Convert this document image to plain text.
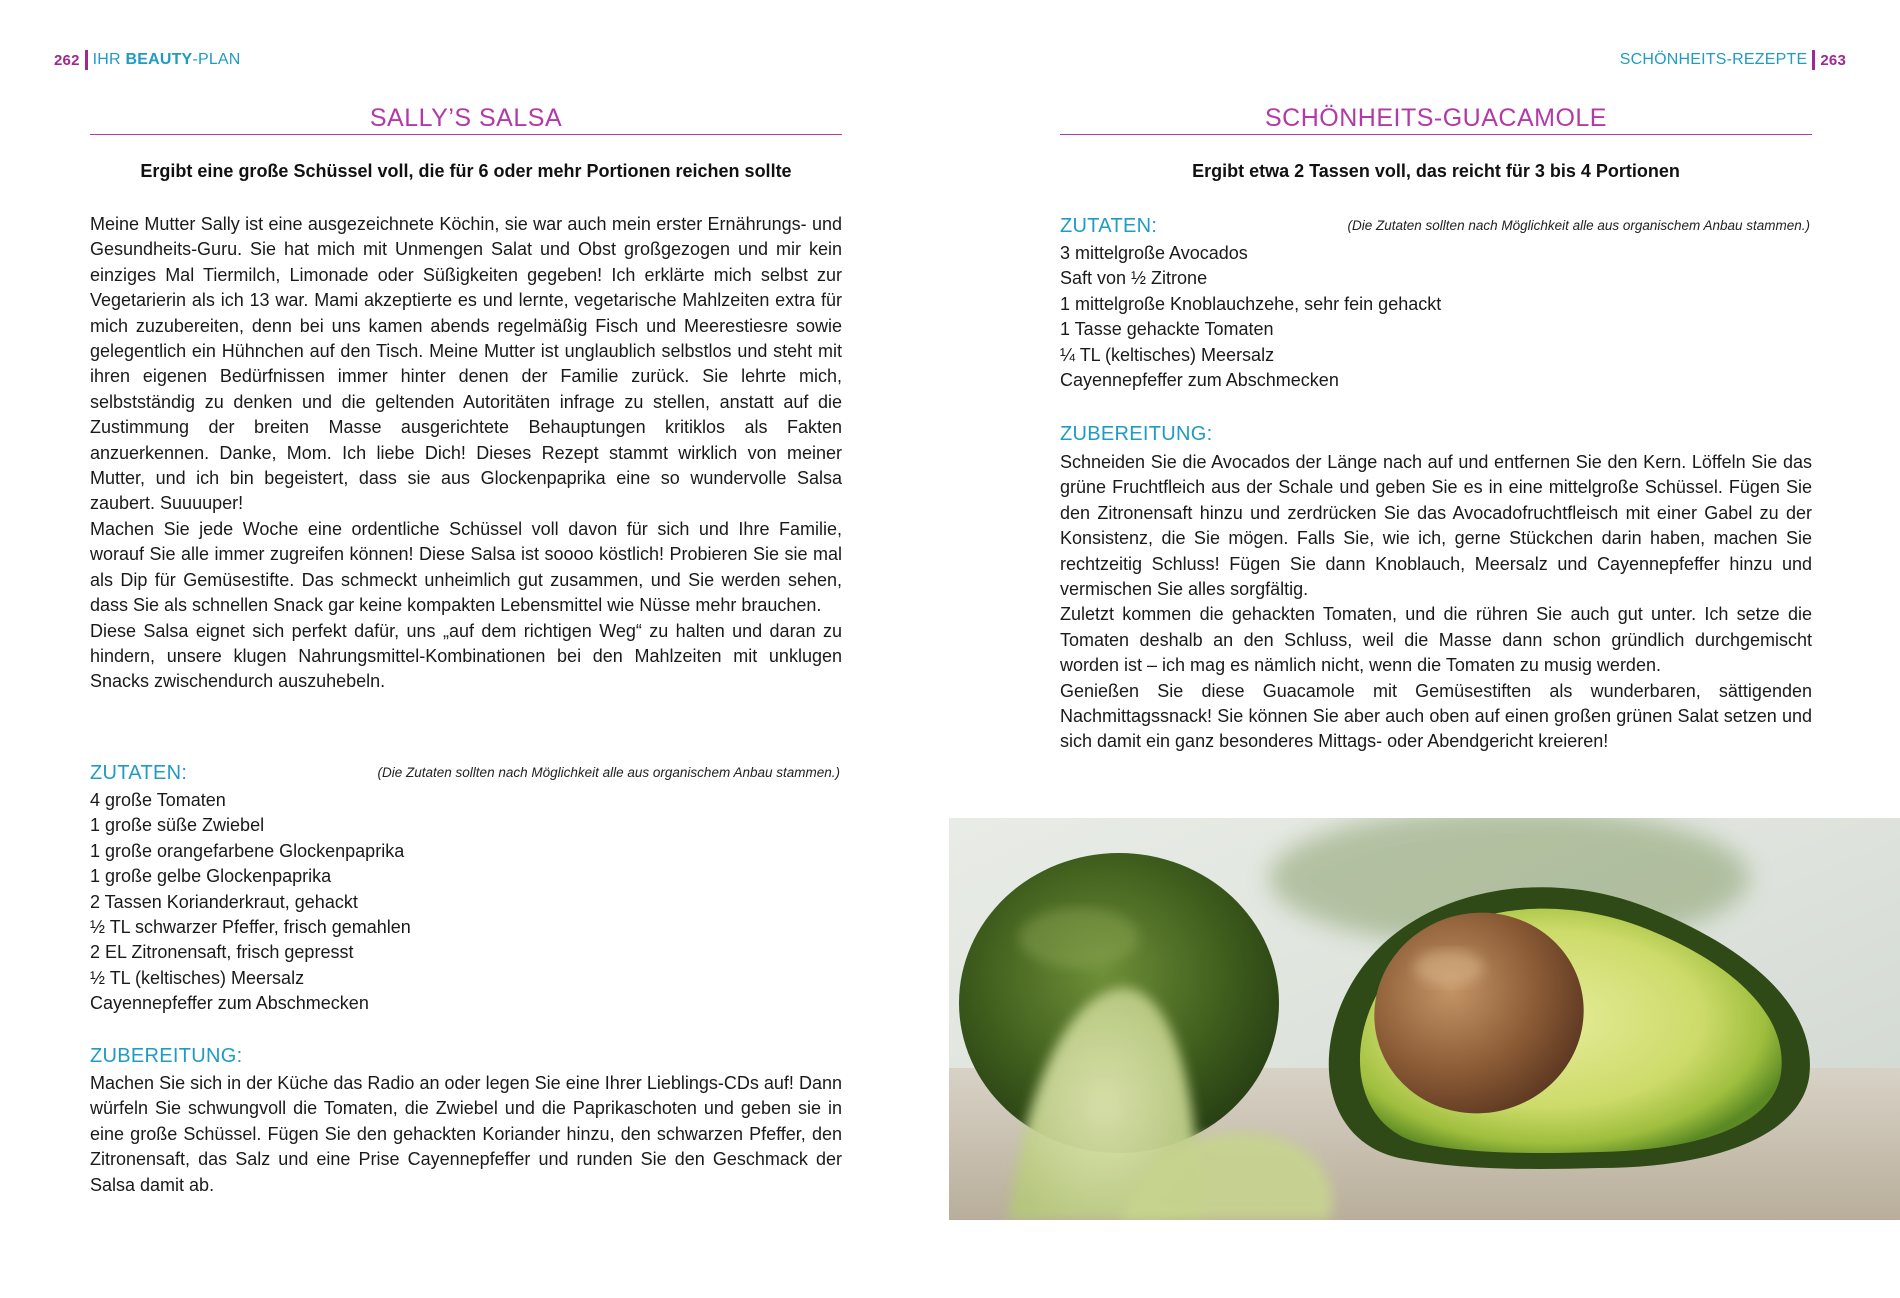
262 IHR BEAUTY-PLAN
SALLY’S SALSA
Ergibt eine große Schüssel voll, die für 6 oder mehr Portionen reichen sollte

Meine Mutter Sally ist eine ausgezeichnete Köchin, sie war auch mein erster Ernährungs- und Gesundheits-Guru. Sie hat mich mit Unmengen Salat und Obst großgezogen und mir kein einziges Mal Tiermilch, Limonade oder Süßigkeiten gegeben! Ich erklärte mich selbst zur Vegetarierin als ich 13 war. Mami akzeptierte es und lernte, vegetarische Mahlzeiten extra für mich zuzubereiten, denn bei uns kamen abends regelmäßig Fisch und Meerestiesre sowie gelegentlich ein Hühnchen auf den Tisch. Meine Mutter ist unglaublich selbstlos und steht mit ihren eigenen Bedürfnissen immer hinter denen der Familie zurück. Sie lehrte mich, selbstständig zu denken und die geltenden Autoritäten infrage zu stellen, anstatt auf die Zustimmung der breiten Masse ausgerichtete Behauptungen kritiklos als Fakten anzuerkennen. Danke, Mom. Ich liebe Dich! Dieses Rezept stammt wirklich von meiner Mutter, und ich bin begeistert, dass sie aus Glockenpaprika eine so wundervolle Salsa zaubert. Suuuuper!

Machen Sie jede Woche eine ordentliche Schüssel voll davon für sich und Ihre Familie, worauf Sie alle immer zugreifen können! Diese Salsa ist soooo köstlich! Probieren Sie sie mal als Dip für Gemüsestifte. Das schmeckt unheimlich gut zusammen, und Sie werden sehen, dass Sie als schnellen Snack gar keine kompakten Lebensmittel wie Nüsse mehr brauchen.

Diese Salsa eignet sich perfekt dafür, uns „auf dem richtigen Weg“ zu halten und daran zu hindern, unsere klugen Nahrungsmittel-Kombinationen bei den Mahlzeiten mit unklugen Snacks zwischendurch auszuhebeln.

ZUTATEN:	(Die Zutaten sollten nach Möglichkeit alle aus organischem Anbau stammen.)
4 große Tomaten
1 große süße Zwiebel
1 große orangefarbene Glockenpaprika
1 große gelbe Glockenpaprika
2 Tassen Korianderkraut, gehackt
½ TL schwarzer Pfeffer, frisch gemahlen
2 EL Zitronensaft, frisch gepresst
½ TL (keltisches) Meersalz
Cayennepfeffer zum Abschmecken
ZUBEREITUNG:

Machen Sie sich in der Küche das Radio an oder legen Sie eine Ihrer Lieblings-CDs auf! Dann würfeln Sie schwungvoll die Tomaten, die Zwiebel und die Paprikaschoten und geben sie in eine große Schüssel. Fügen Sie den gehackten Koriander hinzu, den schwarzen Pfeffer, den Zitronensaft, das Salz und eine Prise Cayennepfeffer und runden Sie den Geschmack der Salsa damit ab.

SCHÖNHEITS-REZEPTE 263
SCHÖNHEITS-GUACAMOLE
Ergibt etwa 2 Tassen voll, das reicht für 3 bis 4 Portionen
ZUTATEN:	(Die Zutaten sollten nach Möglichkeit alle aus organischem Anbau stammen.)
3 mittelgroße Avocados
Saft von ½ Zitrone
1 mittelgroße Knoblauchzehe, sehr fein gehackt
1 Tasse gehackte Tomaten
¼ TL (keltisches) Meersalz
Cayennepfeffer zum Abschmecken
ZUBEREITUNG:

Schneiden Sie die Avocados der Länge nach auf und entfernen Sie den Kern. Löffeln Sie das grüne Fruchtfleich aus der Schale und geben Sie es in eine mittelgroße Schüssel. Fügen Sie den Zitronensaft hinzu und zerdrücken Sie das Avocadofruchtfleisch mit einer Gabel zu der Konsistenz, die Sie mögen. Falls Sie, wie ich, gerne Stückchen darin haben, machen Sie rechtzeitig Schluss! Fügen Sie dann Knoblauch, Meersalz und Cayennepfeffer hinzu und vermischen Sie alles sorgfältig.

Zuletzt kommen die gehackten Tomaten, und die rühren Sie auch gut unter. Ich setze die Tomaten deshalb an den Schluss, weil die Masse dann schon gründlich durchgemischt worden ist – ich mag es nämlich nicht, wenn die Tomaten zu musig werden.

Genießen Sie diese Guacamole mit Gemüsestiften als wunderbaren, sättigenden Nachmittagssnack! Sie können Sie aber auch oben auf einen großen grünen Salat setzen und sich damit ein ganz besonderes Mittags- oder Abendgericht kreieren!
